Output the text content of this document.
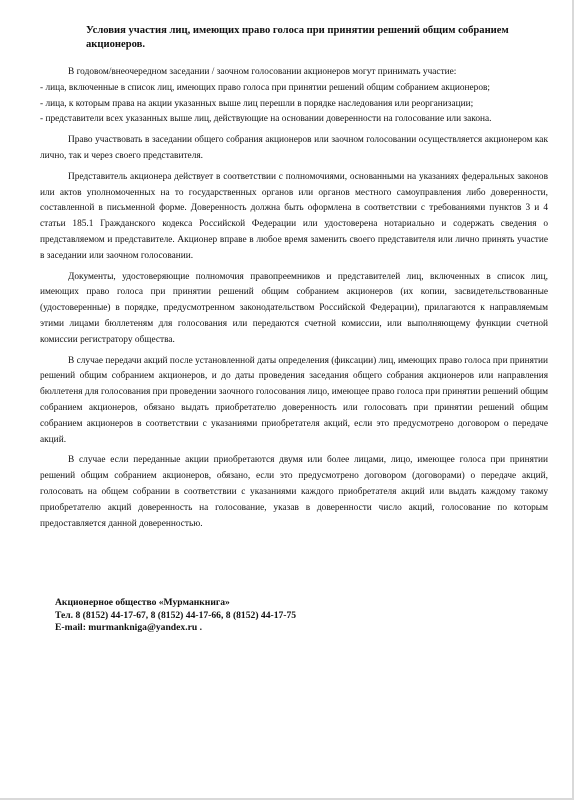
Условия участия лиц, имеющих право голоса при принятии решений общим собранием акционеров.

В годовом/внеочередном заседании / заочном голосовании акционеров могут принимать участие:

- лица, включенные в список лиц, имеющих право голоса при принятии решений общим собранием акционеров;

- лица, к которым права на акции указанных выше лиц перешли в порядке наследования или реорганизации;

- представители всех указанных выше лиц, действующие на основании доверенности на голосование или закона.

Право участвовать в заседании общего собрания акционеров или заочном голосовании осуществляется акционером как лично, так и через своего представителя.

Представитель акционера действует в соответствии с полномочиями, основанными на указаниях федеральных законов или актов уполномоченных на то государственных органов или органов местного самоуправления либо доверенности, составленной в письменной форме. Доверенность должна быть оформлена в соответствии с требованиями пунктов 3 и 4 статьи 185.1 Гражданского кодекса Российской Федерации или удостоверена нотариально и содержать сведения о представляемом и представителе. Акционер вправе в любое время заменить своего представителя или лично принять участие в заседании или заочном голосовании.

Документы, удостоверяющие полномочия правопреемников и представителей лиц, включенных в список лиц, имеющих право голоса при принятии решений общим собранием акционеров (их копии, засвидетельствованные (удостоверенные) в порядке, предусмотренном законодательством Российской Федерации), прилагаются к направляемым этими лицами бюллетеням для голосования или передаются счетной комиссии, или выполняющему функции счетной комиссии регистратору общества.

В случае передачи акций после установленной даты определения (фиксации) лиц, имеющих право голоса при принятии решений общим собранием акционеров, и до даты проведения заседания общего собрания акционеров или направления бюллетеня для голосования при проведении заочного голосования лицо, имеющее право голоса при принятии решений общим собранием акционеров, обязано выдать приобретателю доверенность или голосовать при принятии решений общим собранием акционеров в соответствии с указаниями приобретателя акций, если это предусмотрено договором о передаче акций.

В случае если переданные акции приобретаются двумя или более лицами, лицо, имеющее голоса при принятии решений общим собранием акционеров, обязано, если это предусмотрено договором (договорами) о передаче акций, голосовать на общем собрании в соответствии с указаниями каждого приобретателя акций или выдать каждому такому приобретателю акций доверенность на голосование, указав в доверенности число акций, голосование по которым предоставляется данной доверенностью.

Акционерное общество «Мурманкнига»
Тел. 8 (8152) 44-17-67, 8 (8152) 44-17-66, 8 (8152) 44-17-75
E-mail: murmankniga@yandex.ru .
